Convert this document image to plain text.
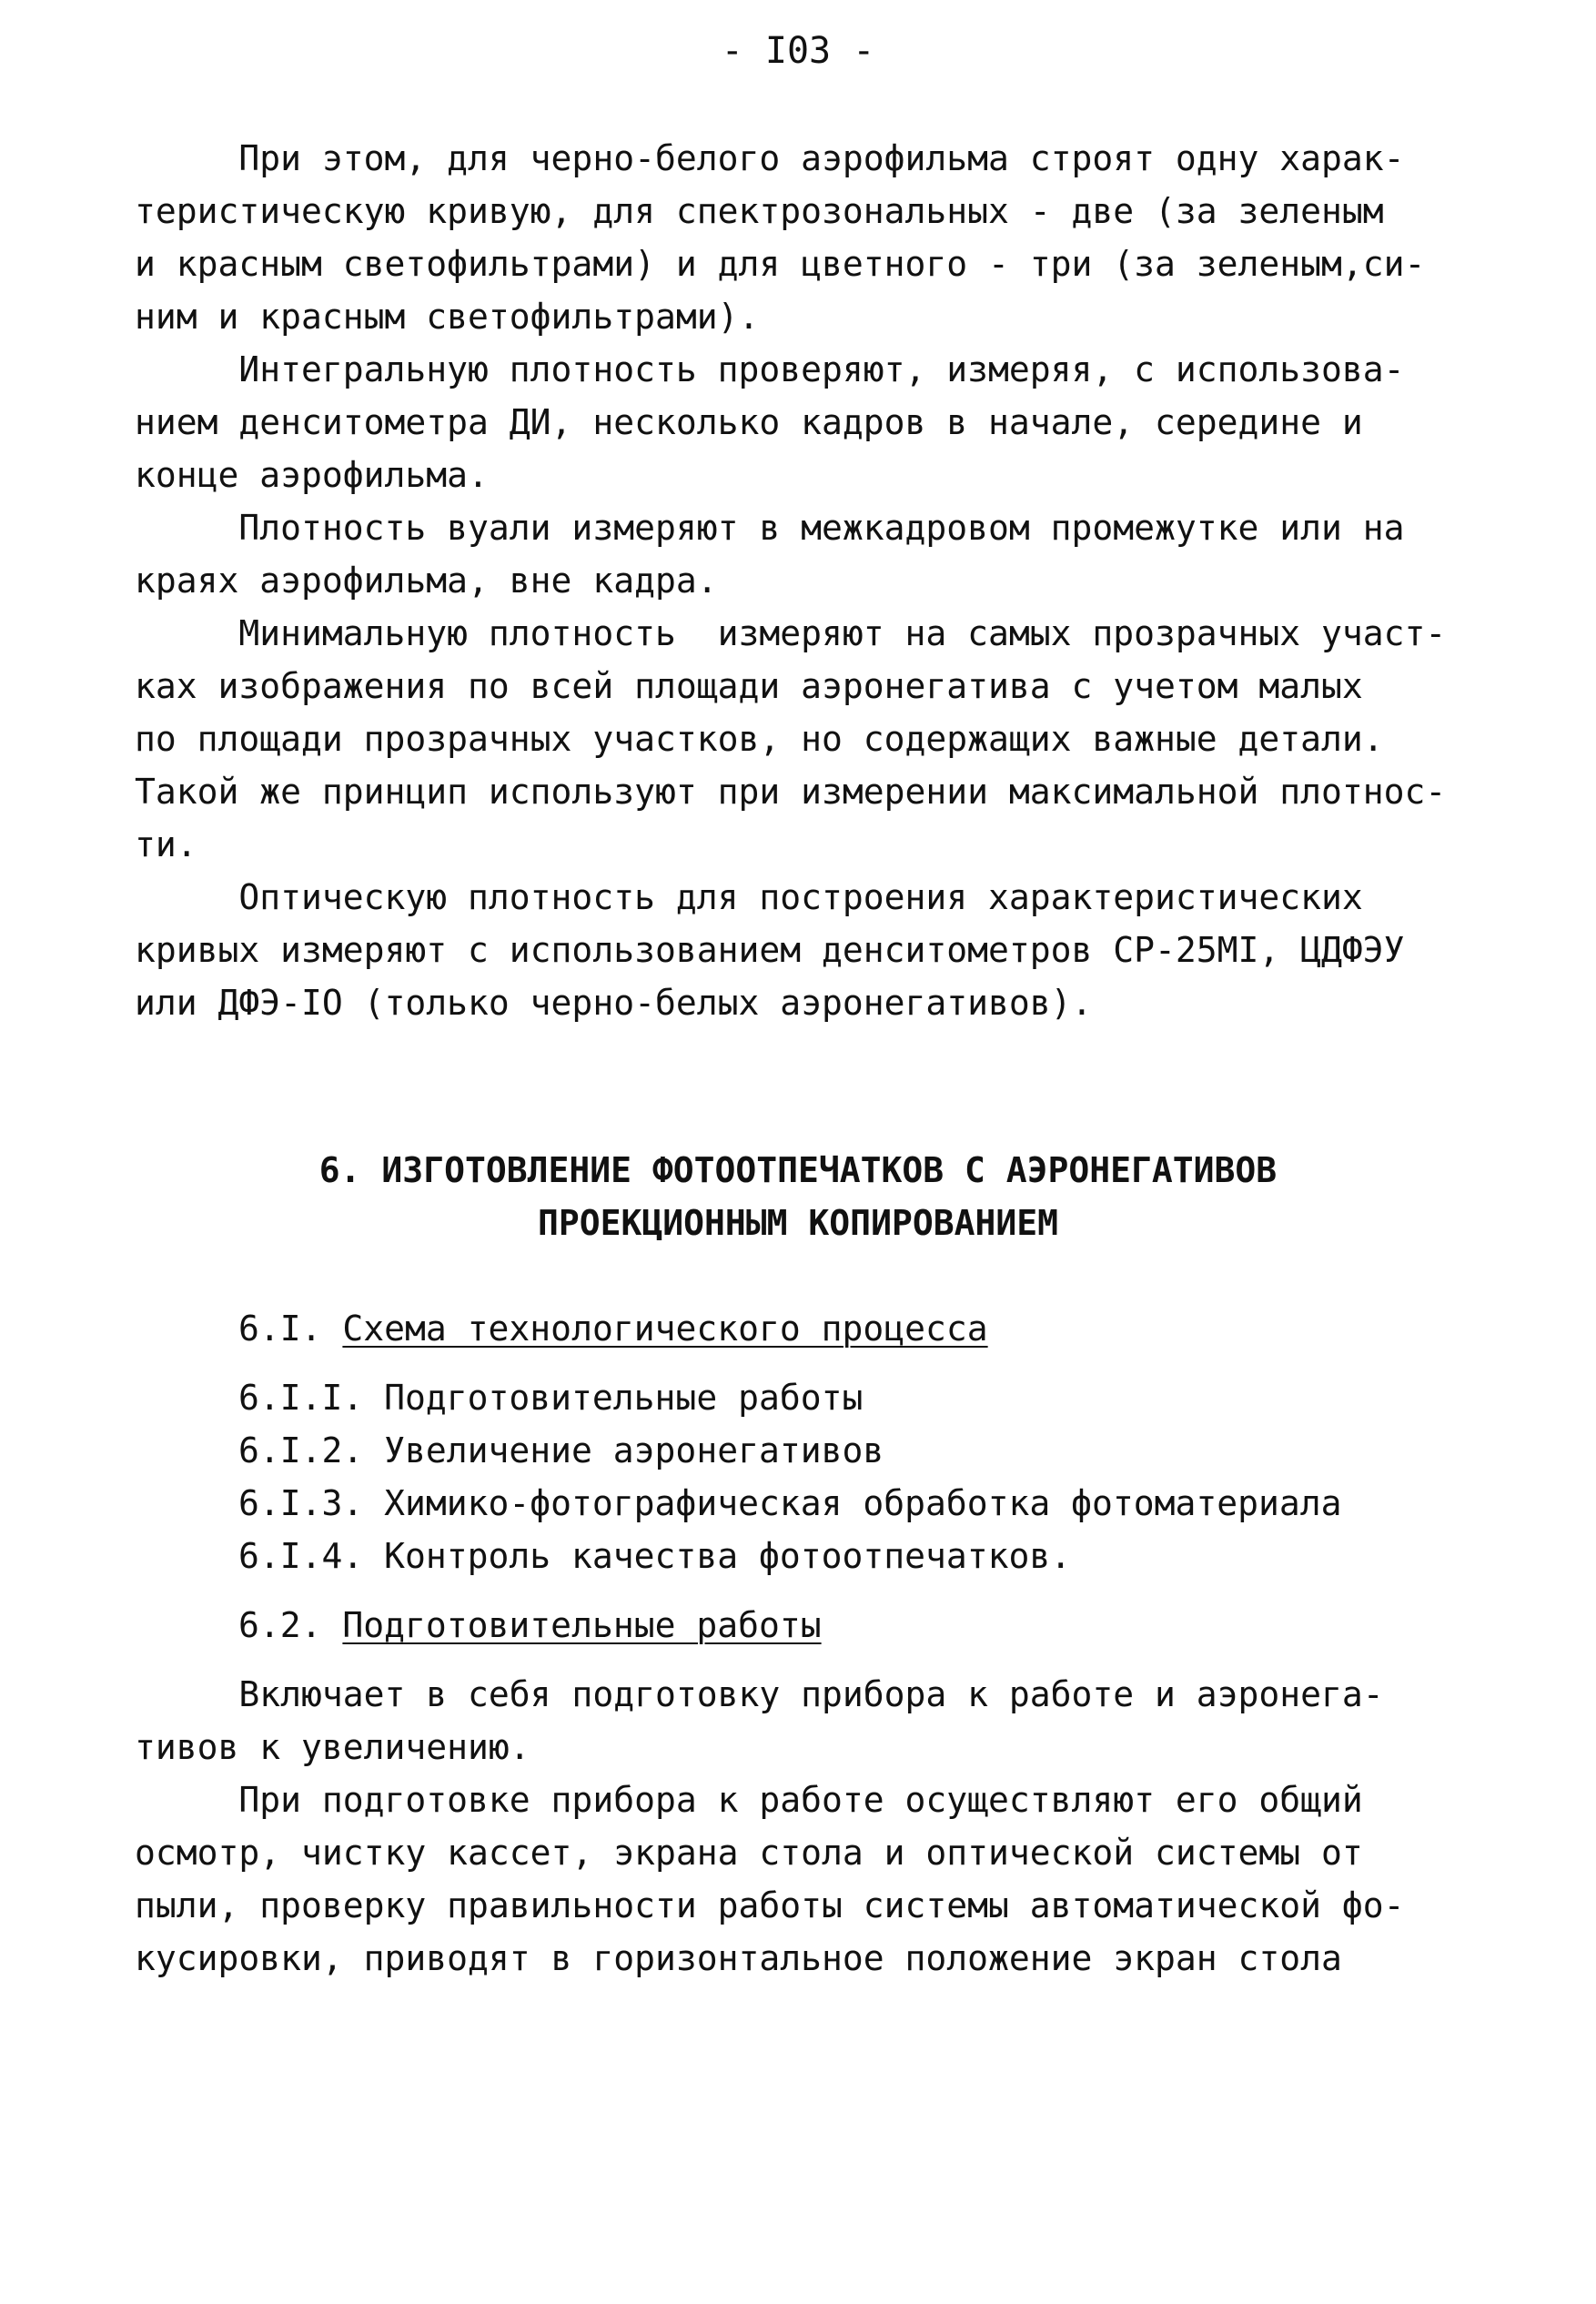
- I03 -

При этом, для черно-белого аэрофильма строят одну харак-

теристическую кривую, для спектрозональных - две (за зеленым

и красным светофильтрами) и для цветного - три (за зеленым,си-

ним и красным светофильтрами).

Интегральную плотность проверяют, измеряя, с использова-

нием денситометра ДИ, несколько кадров в начале, середине и

конце аэрофильма.

Плотность вуали измеряют в межкадровом промежутке или на

краях аэрофильма, вне кадра.

Минимальную плотность  измеряют на самых прозрачных участ-

ках изображения по всей площади аэронегатива с учетом малых

по площади прозрачных участков, но содержащих важные детали.

Такой же принцип используют при измерении максимальной плотнос-

ти.

Оптическую плотность для построения характеристических

кривых измеряют с использованием денситометров СР-25МI, ЦДФЭУ

или ДФЭ-IO (только черно-белых аэронегативов).

6. ИЗГОТОВЛЕНИЕ ФОТООТПЕЧАТКОВ С АЭРОНЕГАТИВОВ

ПРОЕКЦИОННЫМ КОПИРОВАНИЕМ

6.I. Схема технологического процесса

6.I.I. Подготовительные работы

6.I.2. Увеличение аэронегативов

6.I.3. Химико-фотографическая обработка фотоматериала

6.I.4. Контроль качества фотоотпечатков.

6.2. Подготовительные работы

Включает в себя подготовку прибора к работе и аэронега-

тивов к увеличению.

При подготовке прибора к работе осуществляют его общий

осмотр, чистку кассет, экрана стола и оптической системы от

пыли, проверку правильности работы системы автоматической фо-

кусировки, приводят в горизонтальное положение экран стола
